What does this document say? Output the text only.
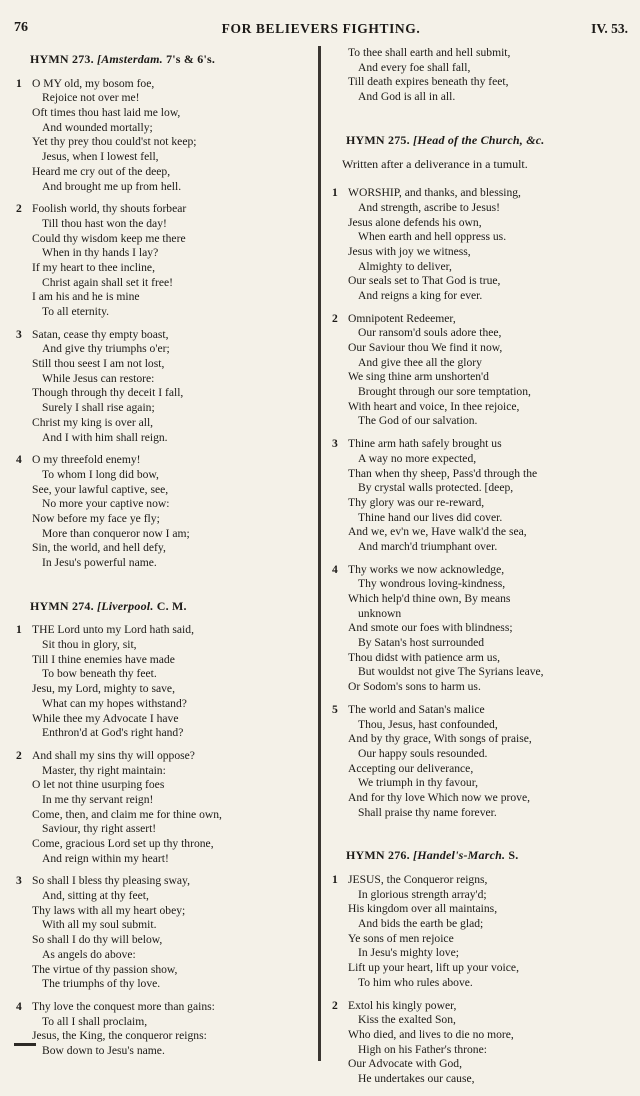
76	FOR BELIEVERS FIGHTING.	IV. 53.
HYMN 273. [Amsterdam. 7's & 6's.
1 O MY old, my bosom foe,
Rejoice not over me!
Oft times thou hast laid me low,
And wounded mortally;
Yet thy prey thou could'st not keep;
Jesus, when I lowest fell,
Heard me cry out of the deep,
And brought me up from hell.
2 Foolish world, thy shouts forbear
Till thou hast won the day!
Could thy wisdom keep me there
When in thy hands I lay?
If my heart to thee incline,
Christ again shall set it free!
I am his and he is mine
To all eternity.
3 Satan, cease thy empty boast,
And give thy triumphs o'er;
Still thou seest I am not lost,
While Jesus can restore:
Though through thy deceit I fall,
Surely I shall rise again;
Christ my king is over all,
And I with him shall reign.
4 O my threefold enemy!
To whom I long did bow,
See, your lawful captive, see,
No more your captive now:
Now before my face ye fly;
More than conqueror now I am;
Sin, the world, and hell defy,
In Jesu's powerful name.
HYMN 274. [Liverpool. C. M.
1 THE Lord unto my Lord hath said,
Sit thou in glory, sit,
Till I thine enemies have made
To bow beneath thy feet.
Jesu, my Lord, mighty to save,
What can my hopes withstand?
While thee my Advocate I have
Enthron'd at God's right hand?
2 And shall my sins thy will oppose?
Master, thy right maintain:
O let not thine usurping foes
In me thy servant reign!
Come, then, and claim me for thine own,
Saviour, thy right assert!
Come, gracious Lord set up thy throne,
And reign within my heart!
3 So shall I bless thy pleasing sway,
And, sitting at thy feet,
Thy laws with all my heart obey;
With all my soul submit.
So shall I do thy will below,
As angels do above:
The virtue of thy passion show,
The triumphs of thy love.
4 Thy love the conquest more than gains:
To all I shall proclaim,
Jesus, the King, the conqueror reigns:
Bow down to Jesu's name.
To thee shall earth and hell submit,
And every foe shall fall,
Till death expires beneath thy feet,
And God is all in all.
HYMN 275. [Head of the Church, &c.
Written after a deliverance in a tumult.
1 WORSHIP, and thanks, and blessing,
And strength, ascribe to Jesus!
Jesus alone defends his own,
When earth and hell oppress us.
Jesus with joy we witness,
Almighty to deliver,
Our seals set to That God is true,
And reigns a king for ever.
2 Omnipotent Redeemer,
Our ransom'd souls adore thee,
Our Saviour thou We find it now,
And give thee all the glory
We sing thine arm unshorten'd
Brought through our sore temptation,
With heart and voice, In thee rejoice,
The God of our salvation.
3 Thine arm hath safely brought us
A way no more expected,
Than when thy sheep, Pass'd through the
By crystal walls protected. [deep,
Thy glory was our re-reward,
Thine hand our lives did cover.
And we, ev'n we, Have walk'd the sea,
And march'd triumphant over.
4 Thy works we now acknowledge,
Thy wondrous loving-kindness,
Which help'd thine own, By means
unknown
And smote our foes with blindness;
By Satan's host surrounded
Thou didst with patience arm us,
But wouldst not give The Syrians leave,
Or Sodom's sons to harm us.
5 The world and Satan's malice
Thou, Jesus, hast confounded,
And by thy grace, With songs of praise,
Our happy souls resounded.
Accepting our deliverance,
We triumph in thy favour,
And for thy love Which now we prove,
Shall praise thy name forever.
HYMN 276. [Handel's-March. S.
1 JESUS, the Conqueror reigns,
In glorious strength array'd;
His kingdom over all maintains,
And bids the earth be glad;
Ye sons of men rejoice
In Jesu's mighty love;
Lift up your heart, lift up your voice,
To him who rules above.
2 Extol his kingly power,
Kiss the exalted Son,
Who died, and lives to die no more,
High on his Father's throne:
Our Advocate with God,
He undertakes our cause,
